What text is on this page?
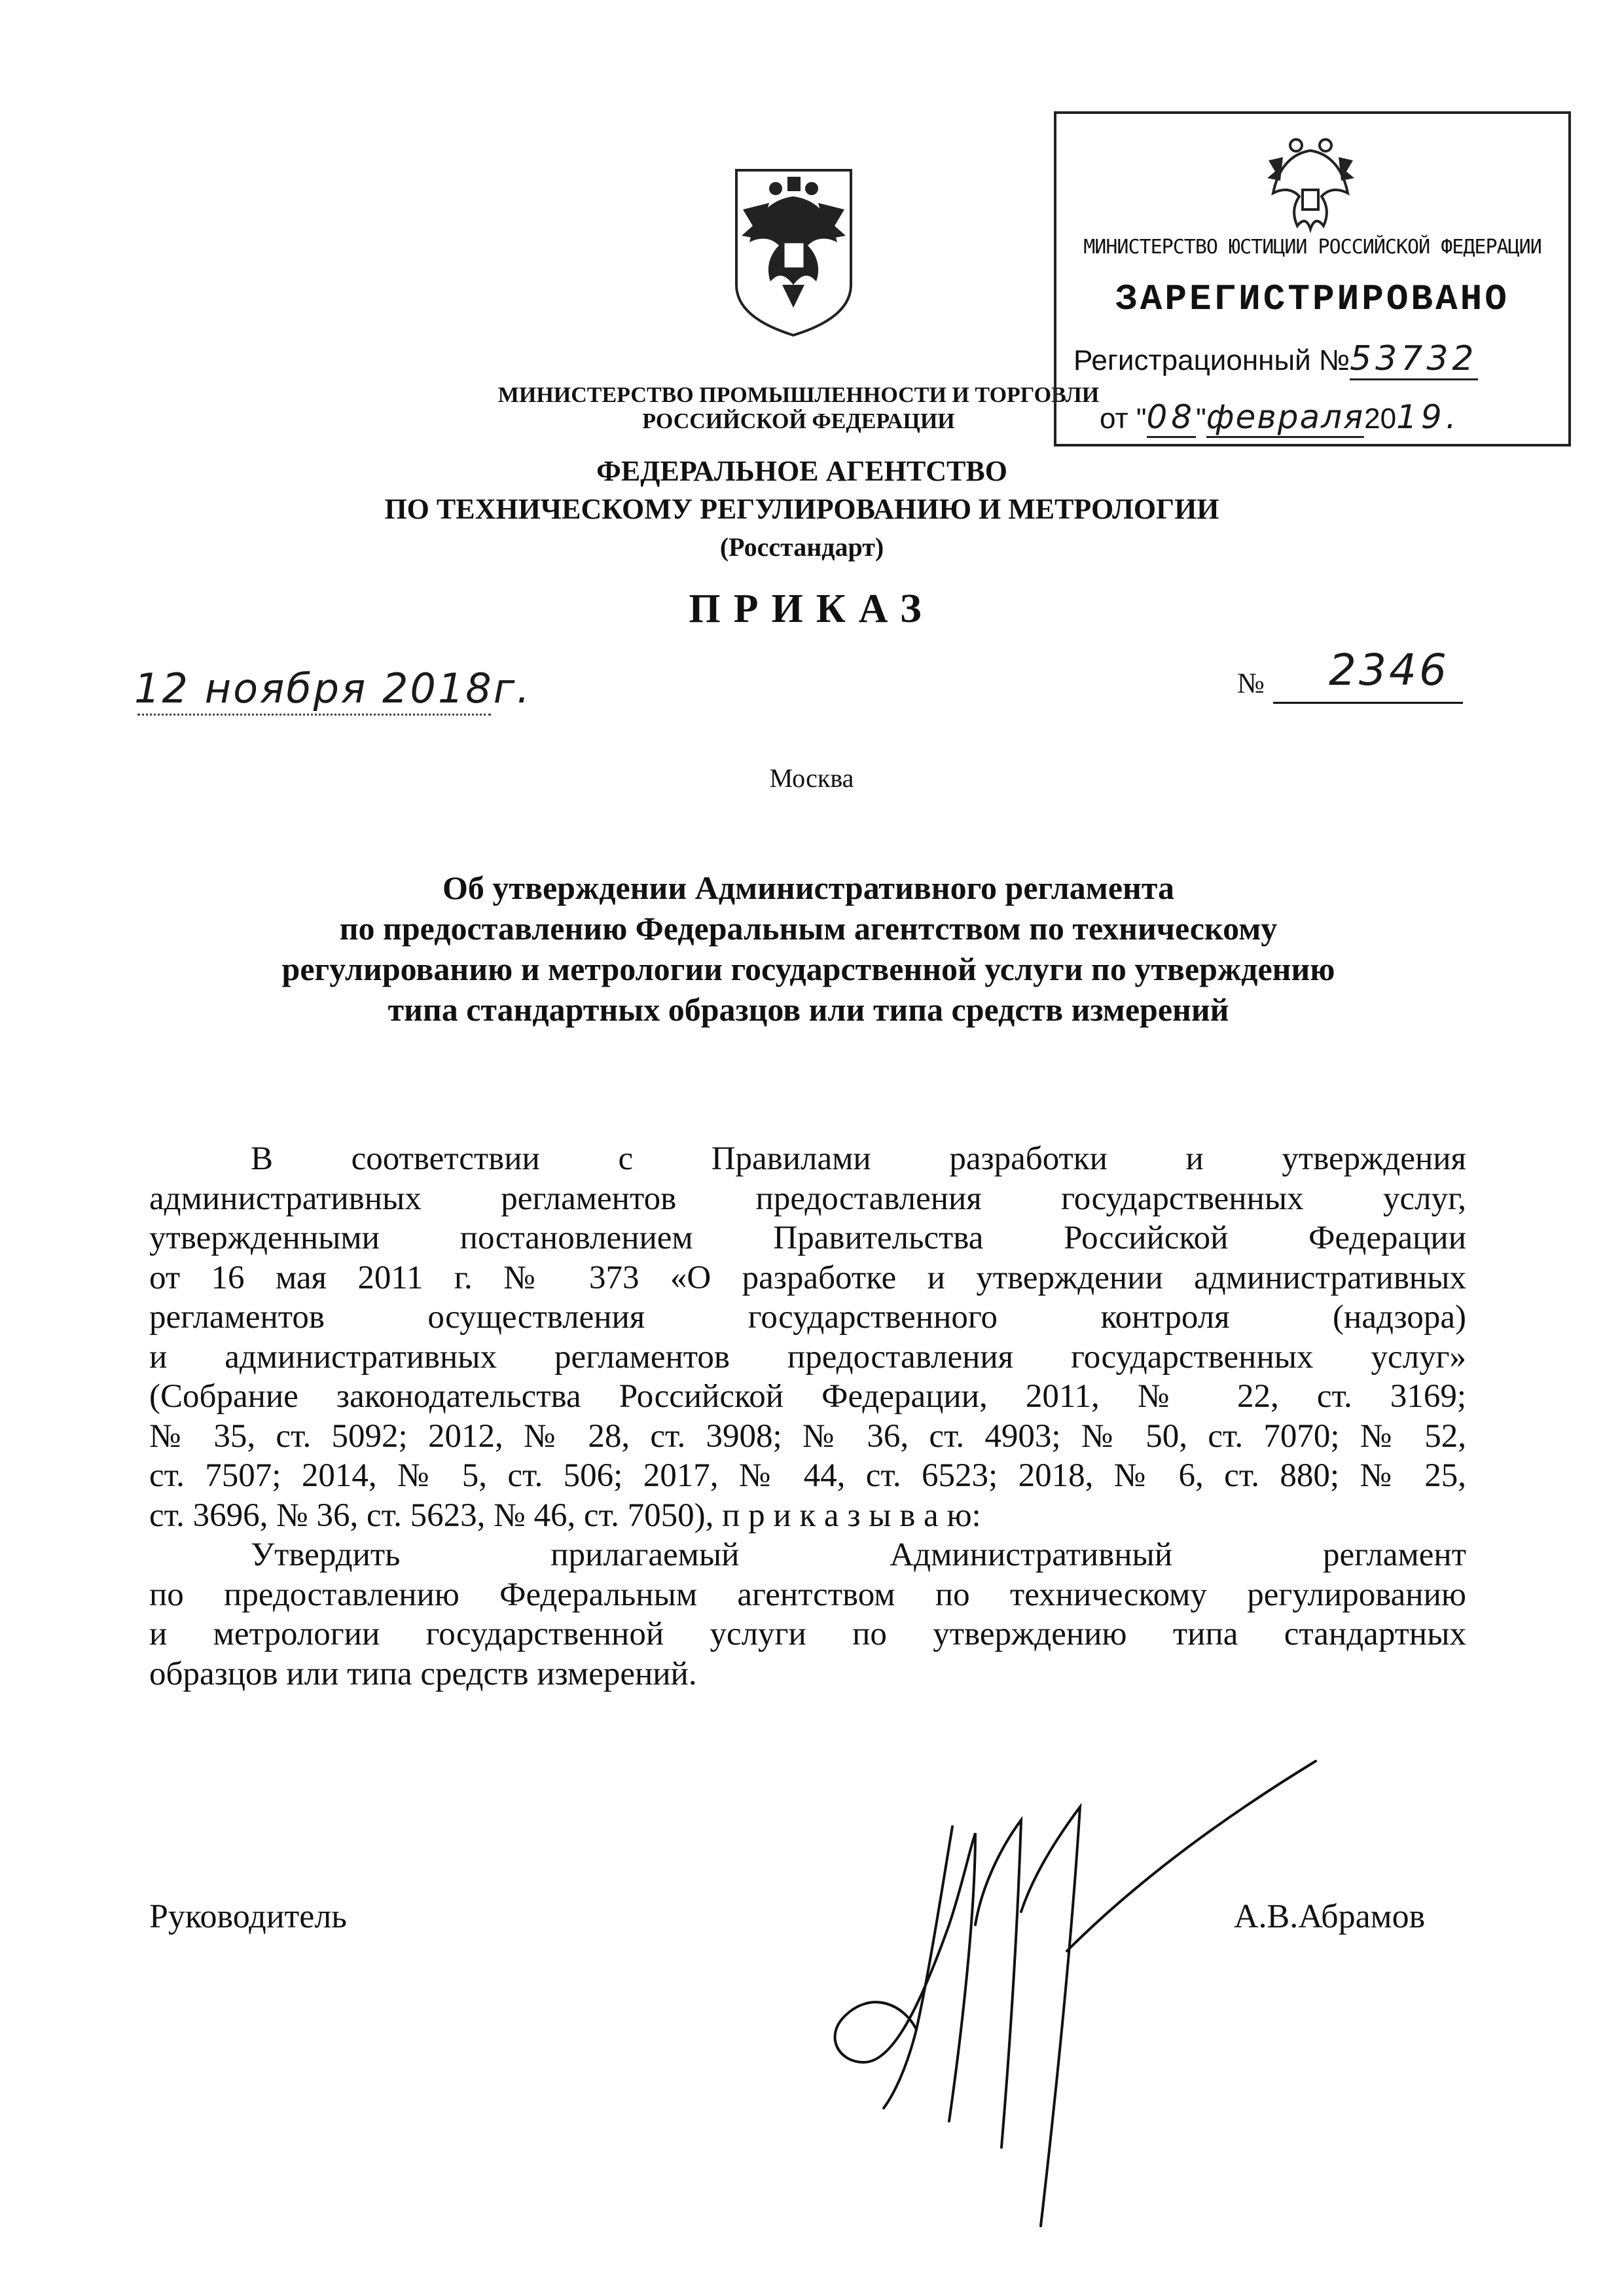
МИНИСТЕРСТВО ПРОМЫШЛЕННОСТИ И ТОРГОВЛИ
РОССИЙСКОЙ ФЕДЕРАЦИИ
ФЕДЕРАЛЬНОЕ АГЕНТСТВО
ПО ТЕХНИЧЕСКОМУ РЕГУЛИРОВАНИЮ И МЕТРОЛОГИИ
(Росстандарт)
МИНИСТЕРСТВО ЮСТИЦИИ РОССИЙСКОЙ ФЕДЕРАЦИИ
ЗАРЕГИСТРИРОВАНО
Регистрационный №53732
от "08"февраля2019.
ПРИКАЗ
12 ноября 2018г.	№ 2346
Москва
Об утверждении Административного регламента
по предоставлению Федеральным агентством по техническому
регулированию и метрологии государственной услуги по утверждению
типа стандартных образцов или типа средств измерений
В соответствии с Правилами разработки и утверждения
административных регламентов предоставления государственных услуг,
утвержденными постановлением Правительства Российской Федерации
от 16 мая 2011 г. № 373 «О разработке и утверждении административных
регламентов осуществления государственного контроля (надзора)
и административных регламентов предоставления государственных услуг»
(Собрание законодательства Российской Федерации, 2011, № 22, ст. 3169;
№ 35, ст. 5092; 2012, № 28, ст. 3908; № 36, ст. 4903; № 50, ст. 7070; № 52,
ст. 7507; 2014, № 5, ст. 506; 2017, № 44, ст. 6523; 2018, № 6, ст. 880; № 25,
ст. 3696, № 36, ст. 5623, № 46, ст. 7050), п р и к а з ы в а ю:
Утвердить прилагаемый Административный регламент
по предоставлению Федеральным агентством по техническому регулированию
и метрологии государственной услуги по утверждению типа стандартных
образцов или типа средств измерений.
Руководитель	А.В.Абрамов
